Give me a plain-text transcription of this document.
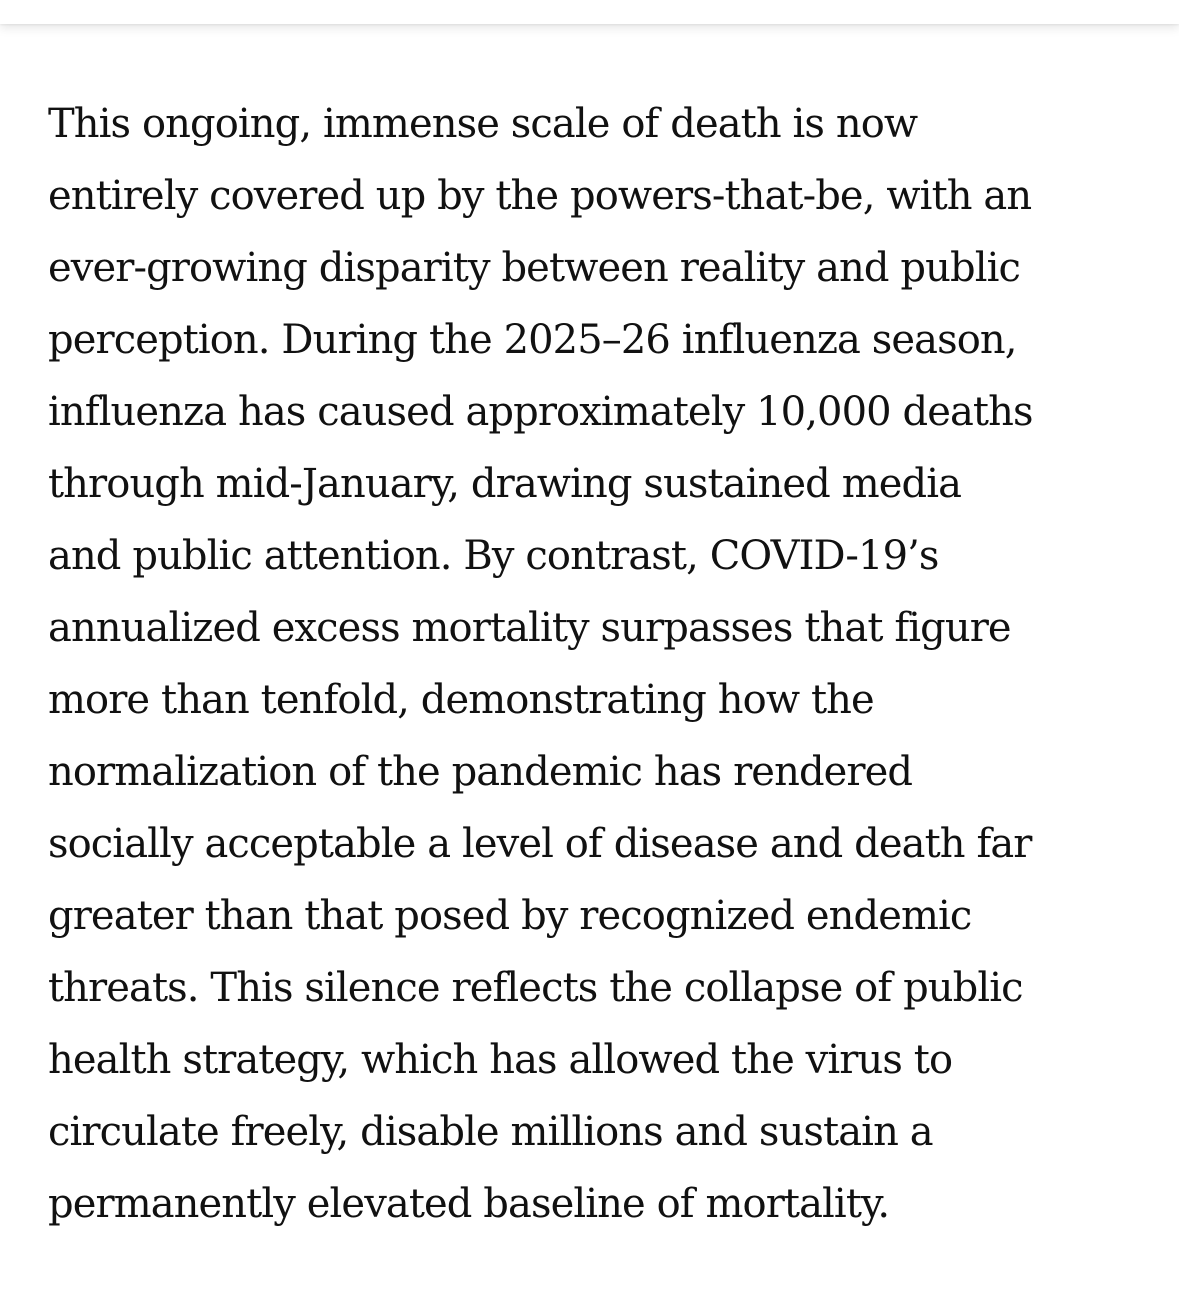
This ongoing, immense scale of death is now
entirely covered up by the powers-that-be, with an
ever-growing disparity between reality and public
perception. During the 2025–26 influenza season,
influenza has caused approximately 10,000 deaths
through mid-January, drawing sustained media
and public attention. By contrast, COVID-19’s
annualized excess mortality surpasses that figure
more than tenfold, demonstrating how the
normalization of the pandemic has rendered
socially acceptable a level of disease and death far
greater than that posed by recognized endemic
threats. This silence reflects the collapse of public
health strategy, which has allowed the virus to
circulate freely, disable millions and sustain a
permanently elevated baseline of mortality.
